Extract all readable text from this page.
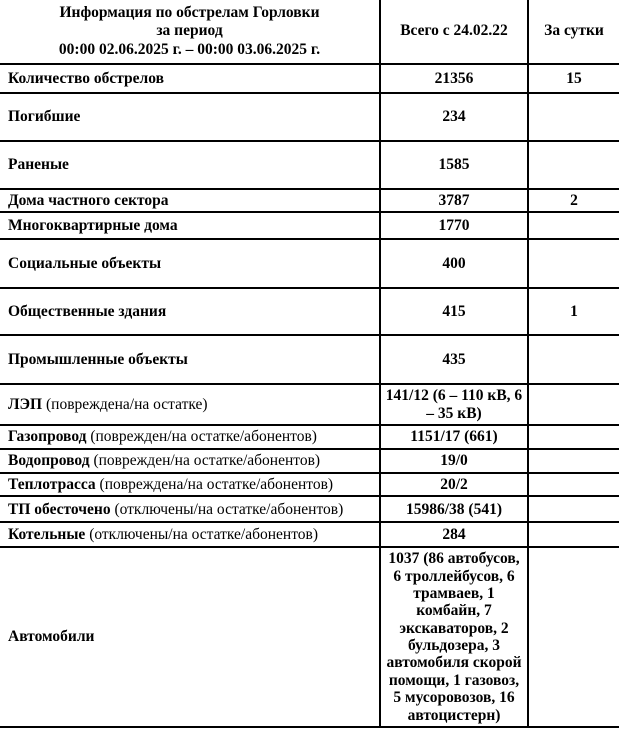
Информация по обстрелам Горловки
за период
00:00 02.06.2025 г. – 00:00 03.06.2025 г.	Всего с 24.02.22	За сутки
Количество обстрелов	21356	15
Погибшие	234	
Раненые	1585	
Дома частного сектора	3787	2
Многоквартирные дома	1770	
Социальные объекты	400	
Общественные здания	415	1
Промышленные объекты	435	
ЛЭП (повреждена/на остатке)	141/12 (6 – 110 кВ, 6 – 35 кВ)	
Газопровод (поврежден/на остатке/абонентов)	1151/17 (661)	
Водопровод (поврежден/на остатке/абонентов)	19/0	
Теплотрасса (повреждена/на остатке/абонентов)	20/2	
ТП обесточено (отключены/на остатке/абонентов)	15986/38 (541)	
Котельные (отключены/на остатке/абонентов)	284	
Автомобили	1037 (86 автобусов, 6 троллейбусов, 6 трамваев, 1 комбайн, 7 экскаваторов, 2 бульдозера, 3 автомобиля скорой помощи, 1 газовоз, 5 мусоровозов, 16 автоцистерн)	
